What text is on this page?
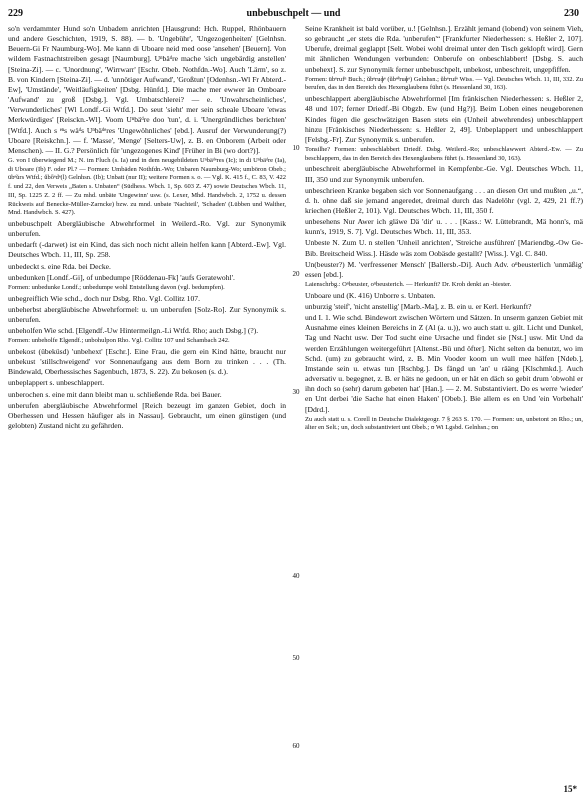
229	unbebuschpelt — und	230

so'n verdammter Hund so'n Unbadem anrichten [Hausgrund: Hch. Ruppel, Rhönbauern und andere Geschichten, 1919, S. 88). — b. 'Ungebühr', 'Ungezogenheiten' [Gelnhsn. Beuern-Gi Fr Naumburg-Wo]. Me kann di Uboare neid med oose 'ansehen' [Beuern]. Von wildem Fastnachtstreiben gesagt [Naumburg]. Uⁿbäᵈre mache 'sich ungebärdig anstellen' [Steina-Zi]. — c. 'Unordnung', 'Wirrwarr' [Eschr. Obeb. Nothfdn.-Wo]. Auch 'Lärm', so z. B. von Kindern [Steina-Zi]. — d. 'unnötiger Aufwand', 'Großtun' [Odenhsn.-Wl Fr Abterd.-Ew], 'Umstände', 'Weitläufigkeiten' [Dsbg. Hünfd.]. Die mache mer ewwer än Omboare 'Aufwand' zu groß [Dsbg.]. Vgl. Umbatschlerei? — e. 'Unwahrscheinliches', 'Verwunderliches' [Wl Londf.-Gi Wtfd.]. Do seut 'sieht' mer sein scheale Uboare 'etwas Merkwürdiges' [Reisckn.-Wl]. Voom Uⁿbäᵈre doo 'tun', d. i. 'Unergründliches berichten' [Wtfd.]. Auch s ᵉⁿs wäᵈs Uⁿbäᵈᵉres 'Ungewöhnliches' [ebd.]. Ausruf der Verwunderung(?) Uboare [Reiskchn.]. — f. 'Masse', 'Menge' [Selters-Uw], z. B. en Onborem (Arbeit oder Menschen). — II. G.? Persönlich für 'ungezogenes Kind' [Früher in Bi (wo dort?)].

G. von I überwiegend M.; N. im Fluch (s. Ia) und in dem neugebildeten Uⁿbäᵈᵉres (Ic); in di Uⁿbäᵈre (Ia), di Uboare (Ib) F. oder Pl.? — Formen: Umbäden Nothfdn.-Wo; Unbaren Naumburg-Wo; umböron Obeb.; übᵉ̃urs Wtfd.; ŭbȫᵉdᵉ(l) Gelnhsn. (Ib); Unbatt (nur II); weitere Formen s. o. — Vgl. K. 415 f., C. 83, V. 422 f. und 22, den Verweis „Baten s. Unbaten“ (Südhess. Wbch. 1, Sp. 603 Z. 47) sowie Deutsches Wbch. 11, III, Sp. 1225 Z. 2 ff. — Zu mhd. unbäte 'Ungewinn' usw. (s. Lexer, Mhd. Handwbch. 2, 1752 u. dessen Rückweis auf Benecke-Müller-Zarncke) bzw. zu mnd. unbate 'Nachteil', 'Schaden' (Lübben und Walther, Mnd. Handwbch. S. 427).

unbebuschpelt Abergläubische Abwehrformel in Weilerd.-Ro. Vgl. zur Synonymik unberufen.

unbedarft (-darwet) ist ein Kind, das sich noch nicht allein helfen kann [Abterd.-Ew]. Vgl. Deutsches Wbch. 11, III, Sp. 258.

unbedeckt s. eine Rda. bei Decke.

unbedunken [Londf.-Gi], of unbedumpe [Röddenau-Fk] 'aufs Geratewohl'.

Formen: unbedunke Londf.; unbedumpe wohl Entstellung davon (vgl. bedumpfen).

unbegreiflich Wie schd., doch nur Dsbg. Rho. Vgl. Collitz 107.

unbeherbst abergläubische Abwehrformel: u. un unberufen [Solz-Ro]. Zur Synonymik s. unberufen.

unbeholfen Wie schd. [Elgendf.-Uw Hintermeilgn.-Li Wtfd. Rho; auch Dsbg.] (?).

Formen: unbeholfe Elgendf.; unbohulpon Rho. Vgl. Collitz 107 und Schambach 242.

unbekost (übeküsd) 'unbehext' [Eschr.]. Eine Frau, die gern ein Kind hätte, braucht nur unbekust 'stillschweigend' vor Sonnenaufgang aus dem Born zu trinken . . . (Th. Bindewald, Oberhessisches Sagenbuch, 1873, S. 22). Zu bekosen (s. d.).

unbeplappert s. unbeschlappert.

unberochen s. eine mit dann bleibt man u. schließende Rda. bei Bauer.

unberufen abergläubische Abwehrformel [Reich bezeugt im ganzen Gebiet, doch in Oberhessen und Hessen häufiger als in Nassau]. Gebraucht, um einen günstigen (und gelobten) Zustand nicht zu gefährden.

10
20
30
40
50
60

Seine Krankheit ist bald vorüber, u.! [Gelnhsn.]. Erzählt jemand (lobend) von seinem Vieh, so gebraucht „er stets die Rda. 'unberufen'“ [Frankfurter Niederhessen: s. Heßler 2, 107]. Uberufe, dreimal geglappt [Selt. Wobei wohl dreimal unter den Tisch geklopft wird]. Gern mit ähnlichen Wendungen verbunden: Onberufe on onbeschlabbert! [Dsbg. S. auch unbehext]. S. zur Synonymik ferner unbebuschpelt, unbekost, unbeschreit, ungepfiffen.

Formen: übᵉrufⁿ Buch.; ŭbᵉruɸᵉ (ŭbᵉ̃ᵉruɸᵉ) Gelnhsn.; ŭbᵉrufᵉ Wiss. — Vgl. Deutsches Wbch. 11, III, 332. Zu berufen, das in den Bereich des Hexenglaubens führt (s. Hessenland 30, 163).

unbeschlappert abergläubische Abwehrformel [Im fränkischen Niederhessen: s. Heßler 2, 48 und 107; ferner Driedf.-Bi Obgzb. Ew (und Hg?)]. Beim Loben eines neugeborenen Kindes fügen die geschwätzigen Basen stets ein (Unheil abwehrendes) unbeschlappert hinzu [Fränkisches Niederhessen: s. Heßler 2, 49]. Unbeplappert und unbeschlappert [Felsbg.-Fr]. Zur Synonymik s. unberufen.

Tonsilhe? Formen: unbeschlabbert Driedf. Dsbg. Weilerd.-Ro; unbeschlawwert Abterd.-Ew. — Zu beschlappern, das in den Bereich des Hexenglaubens führt (s. Hessenland 30, 163).

unbeschreit abergläubische Abwehrformel in Kempfenbr.-Ge. Vgl. Deutsches Wbch. 11, III, 350 und zur Synonymik unberufen.

unbeschrieen Kranke begaben sich vor Sonnenaufgang . . . an diesen Ort und mußten „u.“, d. h. ohne daß sie jemand angeredet, dreimal durch das Nadelöhr (vgl. 2, 429, 21 ff.?) kriechen (Heßler 2, 101). Vgl. Deutsches Wbch. 11, III, 350 f.

unbesehens Nur Awer ich gläwe Dä 'dir' u. . . . [Kass.: W. Lüttebrandt, Mä honn's, mä kunn's, 1919, S. 7]. Vgl. Deutsches Wbch. 11, III, 353.

Unbeste N. Zum U. n stellen 'Unheil anrichten', 'Streiche ausführen' [Mariendbg.-Ow Ge-Bib. Breitscheid Wiss.]. Häsde wäs zom Oobäsde gestallt? [Wiss.]. Vgl. C. 840.

Un(beuster?) M. 'verfressener Mensch' [Ballersb.-Di]. Auch Adv. oⁿbeusterlich 'unmäßig' essen [ebd.].

Laienschrbg.: Oⁿbeuster, oⁿbeusterich. — Herkunft? Dr. Kroh denkt an -biester.

Unboare und (K. 416) Unborre s. Unbaten.

unburzig 'steif', 'nicht anstellig' [Marb.-Ma], z. B. ein u. er Kerl. Herkunft?

und I. 1. Wie schd. Bindewort zwischen Wörtern und Sätzen. In unserm ganzen Gebiet mit Ausnahme eines kleinen Bereichs in Z (Al (a. u.)), wo auch statt u. gilt. Licht und Dunkel, Tag und Nacht usw. Der Tod sucht eine Ursache und findet sie [Nst.] usw. Mit Und da werden Erzählungen weitergeführt [Altenst.-Bü und öfter]. Nicht selten da benutzt, wo im Schd. (um) zu gebraucht wird, z. B. Min Vooder koom un wull mee hälfen [Ndeb.], Imstande sein u. etwas tun [Rschbg.]. Ds fängd un 'an' u rääng [Klschmkd.]. Auch adversativ u. begegnet, z. B. er häts ne gedoon, un er hät en däch so gebit drum 'obwohl er ihn doch so (sehr) darum gebeten hat' [Han.]. — 2. M. Substantiviert. Do es werre 'wieder' en Unt derbei 'die Sache hat einen Haken' [Obeb.]. Bie allem es en Und 'ein Vorbehalt' [Ddrd.].

Zu auch statt u. s. Corell in Deutsche Dialektgeogr. 7 § 263 S. 170. — Formen: un, unbetont ɔn Rho.; un, älter en Selt.; un, doch substantiviert unt Obeb.; ʊ Wi Lgsbd. Gelnhsn.; ʊn

15*
